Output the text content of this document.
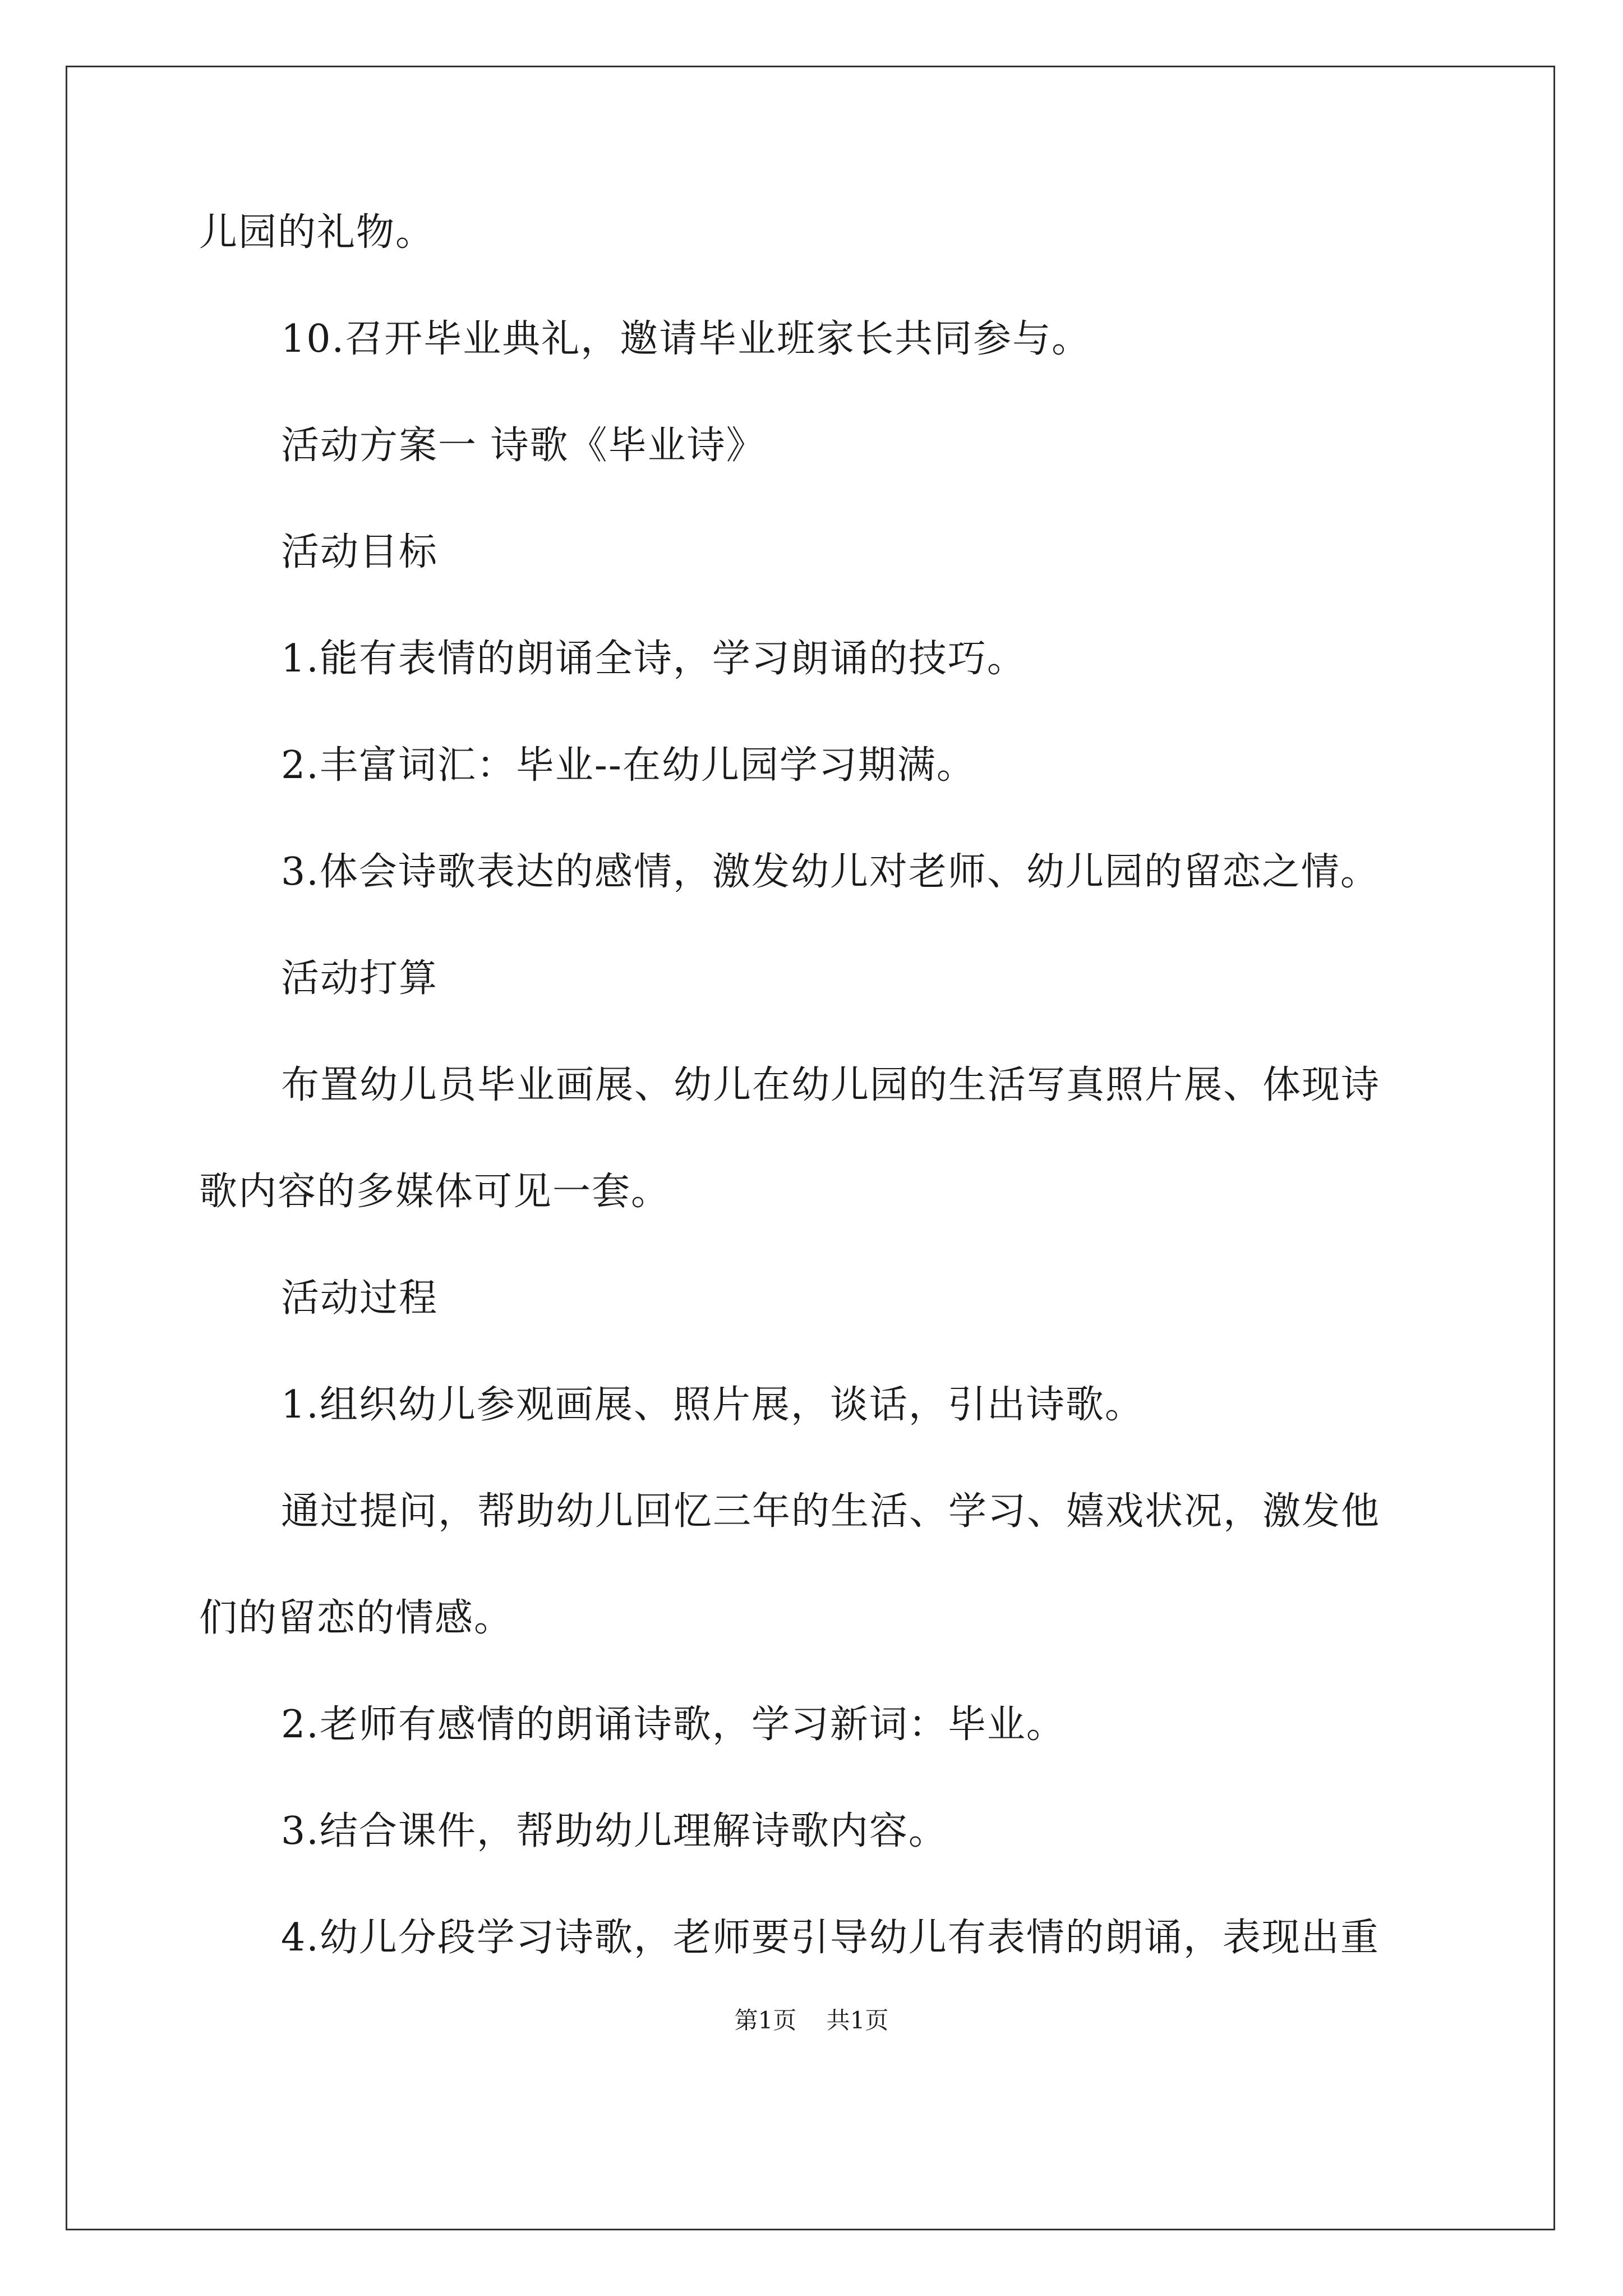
儿园的礼物。
10.召开毕业典礼，邀请毕业班家长共同参与。
活动方案一 诗歌《毕业诗》
活动目标
1.能有表情的朗诵全诗，学习朗诵的技巧。
2.丰富词汇：毕业--在幼儿园学习期满。
3.体会诗歌表达的感情，激发幼儿对老师、幼儿园的留恋之情。
活动打算
布置幼儿员毕业画展、幼儿在幼儿园的生活写真照片展、体现诗
歌内容的多媒体可见一套。
活动过程
1.组织幼儿参观画展、照片展，谈话，引出诗歌。
通过提问，帮助幼儿回忆三年的生活、学习、嬉戏状况，激发他
们的留恋的情感。
2.老师有感情的朗诵诗歌，学习新词：毕业。
3.结合课件，帮助幼儿理解诗歌内容。
4.幼儿分段学习诗歌，老师要引导幼儿有表情的朗诵，表现出重
第1页    共1页
